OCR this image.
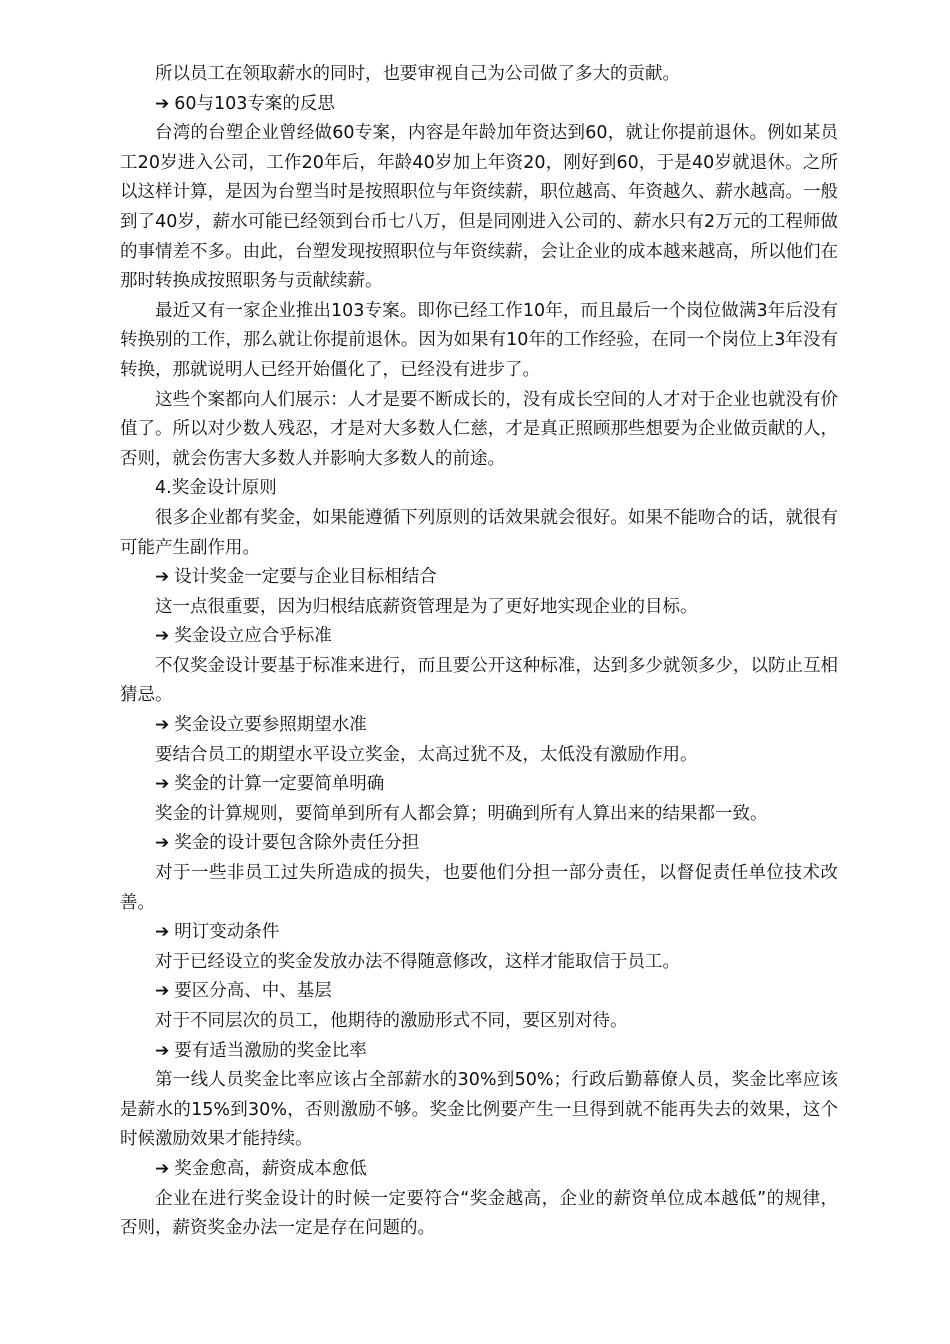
所以员工在领取薪水的同时，也要审视自己为公司做了多大的贡献。

➔ 60与103专案的反思

台湾的台塑企业曾经做60专案，内容是年龄加年资达到60，就让你提前退休。例如某员工20岁进入公司，工作20年后，年龄40岁加上年资20，刚好到60，于是40岁就退休。之所以这样计算，是因为台塑当时是按照职位与年资续薪，职位越高、年资越久、薪水越高。一般到了40岁，薪水可能已经领到台币七八万，但是同刚进入公司的、薪水只有2万元的工程师做的事情差不多。由此，台塑发现按照职位与年资续薪，会让企业的成本越来越高，所以他们在那时转换成按照职务与贡献续薪。

最近又有一家企业推出103专案。即你已经工作10年，而且最后一个岗位做满3年后没有转换别的工作，那么就让你提前退休。因为如果有10年的工作经验，在同一个岗位上3年没有转换，那就说明人已经开始僵化了，已经没有进步了。

这些个案都向人们展示：人才是要不断成长的，没有成长空间的人才对于企业也就没有价值了。所以对少数人残忍，才是对大多数人仁慈，才是真正照顾那些想要为企业做贡献的人，否则，就会伤害大多数人并影响大多数人的前途。

4.奖金设计原则

很多企业都有奖金，如果能遵循下列原则的话效果就会很好。如果不能吻合的话，就很有可能产生副作用。

➔ 设计奖金一定要与企业目标相结合

这一点很重要，因为归根结底薪资管理是为了更好地实现企业的目标。

➔ 奖金设立应合乎标准

不仅奖金设计要基于标准来进行，而且要公开这种标准，达到多少就领多少，以防止互相猜忌。

➔ 奖金设立要参照期望水准

要结合员工的期望水平设立奖金，太高过犹不及，太低没有激励作用。

➔ 奖金的计算一定要简单明确

奖金的计算规则，要简单到所有人都会算；明确到所有人算出来的结果都一致。

➔ 奖金的设计要包含除外责任分担

对于一些非员工过失所造成的损失，也要他们分担一部分责任，以督促责任单位技术改善。

➔ 明订变动条件

对于已经设立的奖金发放办法不得随意修改，这样才能取信于员工。

➔ 要区分高、中、基层

对于不同层次的员工，他期待的激励形式不同，要区别对待。

➔ 要有适当激励的奖金比率

第一线人员奖金比率应该占全部薪水的30%到50%；行政后勤幕僚人员，奖金比率应该是薪水的15%到30%，否则激励不够。奖金比例要产生一旦得到就不能再失去的效果，这个时候激励效果才能持续。

➔ 奖金愈高，薪资成本愈低

企业在进行奖金设计的时候一定要符合“奖金越高，企业的薪资单位成本越低”的规律，否则，薪资奖金办法一定是存在问题的。
